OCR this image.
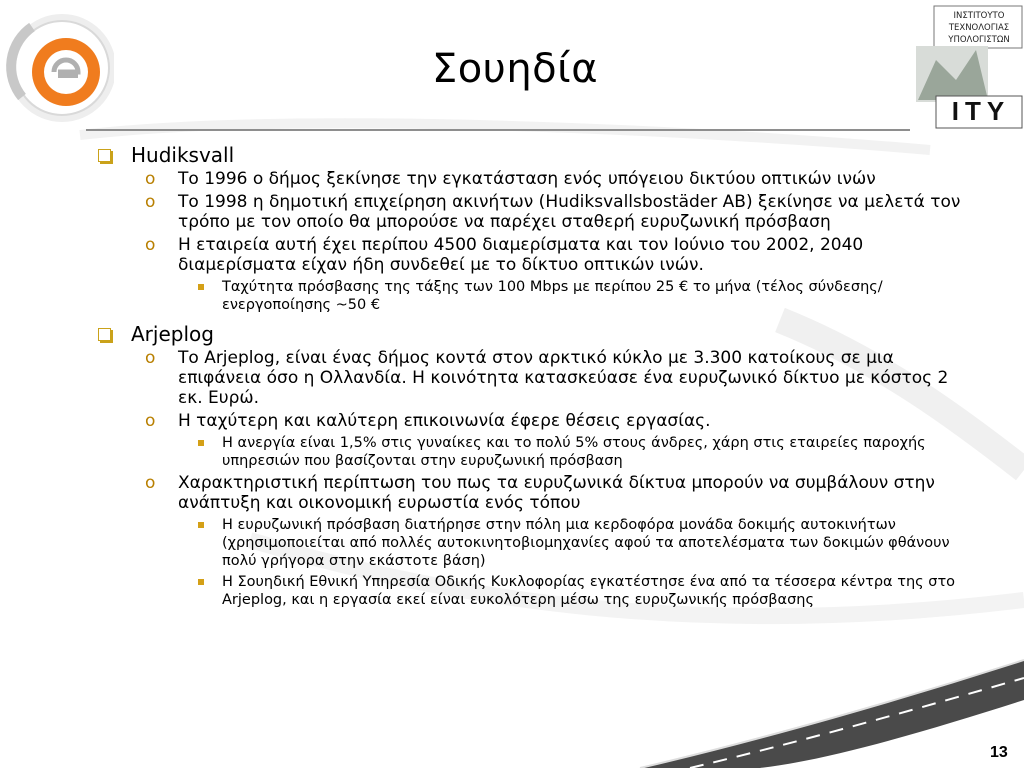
ΙΝΣΤΙΤΟΥΤΟ
ΤΕΧΝΟΛΟΓΙΑΣ
ΥΠΟΛΟΓΙΣΤΩΝ
ITY
Σουηδία
Hudiksvall
o Το 1996 ο δήμος ξεκίνησε την εγκατάσταση ενός υπόγειου δικτύου οπτικών ινών
o Το 1998 η δημοτική επιχείρηση ακινήτων (Hudiksvallsbostäder AB) ξεκίνησε να μελετά τον τρόπο με τον οποίο θα μπορούσε να παρέχει σταθερή ευρυζωνική πρόσβαση
o Η εταιρεία αυτή έχει περίπου 4500 διαμερίσματα και τον Ιούνιο του 2002, 2040 διαμερίσματα είχαν ήδη συνδεθεί με το δίκτυο οπτικών ινών.
Ταχύτητα πρόσβασης της τάξης των 100 Mbps με περίπου 25 € το μήνα (τέλος σύνδεσης/ενεργοποίησης ~50 €
Arjeplog
o Το Arjeplog, είναι ένας δήμος κοντά στον αρκτικό κύκλο με 3.300 κατοίκους σε μια επιφάνεια όσο η Ολλανδία. Η κοινότητα κατασκεύασε ένα ευρυζωνικό δίκτυο με κόστος 2 εκ. Ευρώ.
o Η ταχύτερη και καλύτερη επικοινωνία έφερε θέσεις εργασίας.
Η ανεργία είναι 1,5% στις γυναίκες και το πολύ 5% στους άνδρες, χάρη στις εταιρείες παροχής υπηρεσιών που βασίζονται στην ευρυζωνική πρόσβαση
o Χαρακτηριστική περίπτωση του πως τα ευρυζωνικά δίκτυα μπορούν να συμβάλουν στην ανάπτυξη και οικονομική ευρωστία ενός τόπου
Η ευρυζωνική πρόσβαση διατήρησε στην πόλη μια κερδοφόρα μονάδα δοκιμής αυτοκινήτων (χρησιμοποιείται από πολλές αυτοκινητοβιομηχανίες αφού τα αποτελέσματα των δοκιμών φθάνουν πολύ γρήγορα στην εκάστοτε βάση)
Η Σουηδική Εθνική Υπηρεσία Οδικής Κυκλοφορίας εγκατέστησε ένα από τα τέσσερα κέντρα της στο Arjeplog, και η εργασία εκεί είναι ευκολότερη μέσω της ευρυζωνικής πρόσβασης
13
